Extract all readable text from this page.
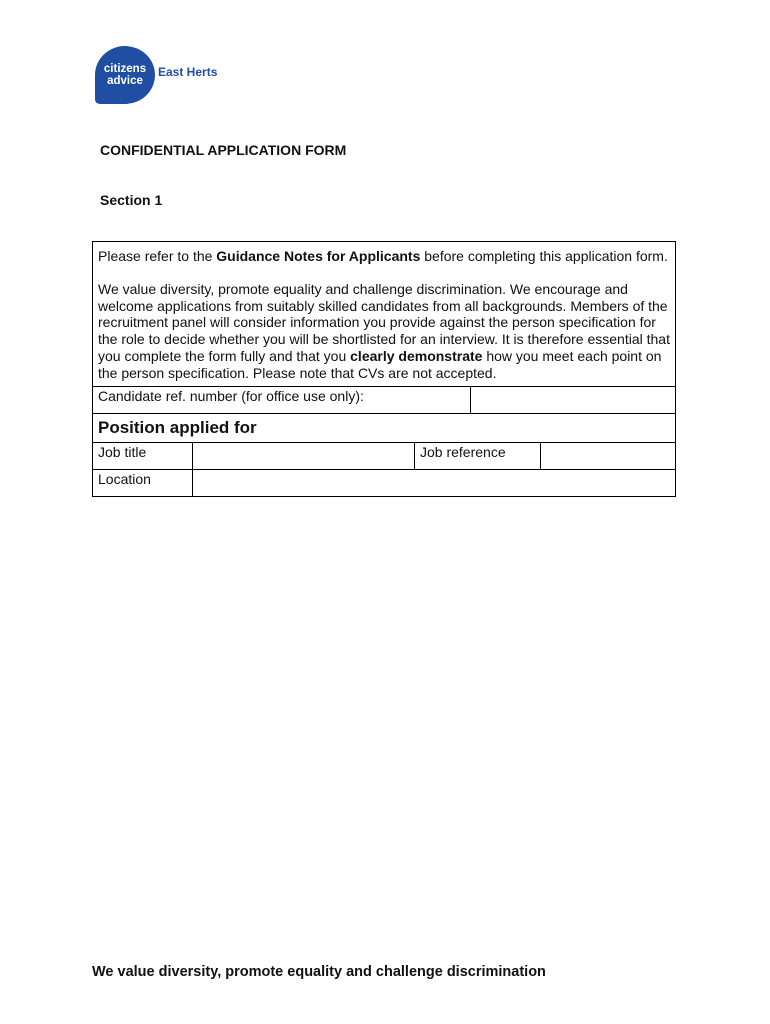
citizens
advice
East Herts
CONFIDENTIAL APPLICATION FORM
Section 1

Please refer to the Guidance Notes for Applicants before completing this application form.

We value diversity, promote equality and challenge discrimination. We encourage and welcome applications from suitably skilled candidates from all backgrounds. Members of the recruitment panel will consider information you provide against the person specification for the role to decide whether you will be shortlisted for an interview. It is therefore essential that you complete the form fully and that you clearly demonstrate how you meet each point on the person specification. Please note that CVs are not accepted.				

Candidate ref. number (for office use only):				
Position applied for				
Job title		Job reference		
Location				
We value diversity, promote equality and challenge discrimination
